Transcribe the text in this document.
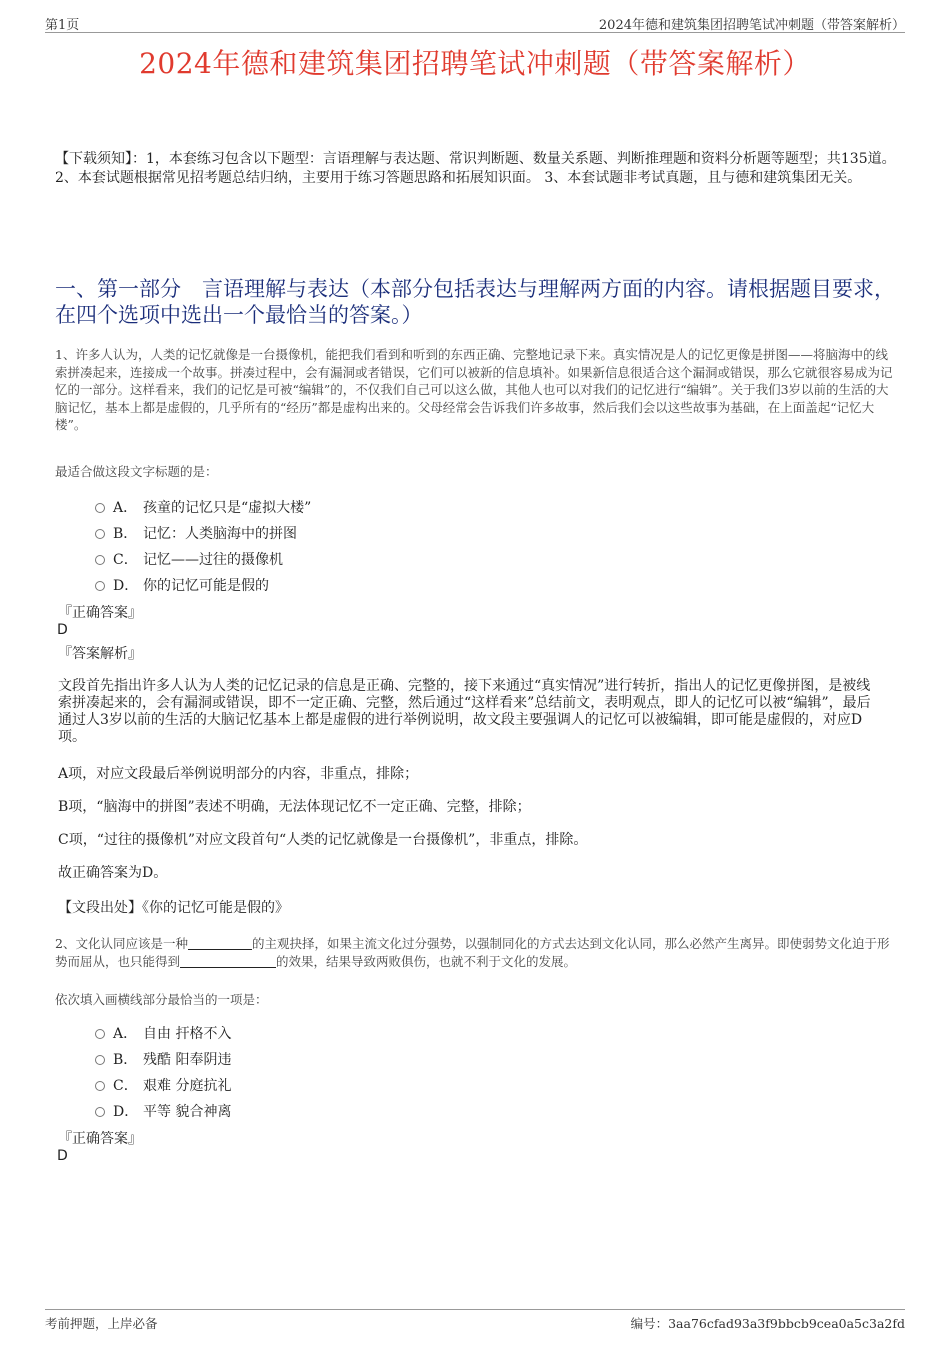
第1页	2024年德和建筑集团招聘笔试冲刺题（带答案解析）
2024年德和建筑集团招聘笔试冲刺题（带答案解析）
【下载须知】：1，本套练习包含以下题型：言语理解与表达题、常识判断题、数量关系题、判断推理题和资料分析题等题型；共135道。 2、本套试题根据常见招考题总结归纳，主要用于练习答题思路和拓展知识面。 3、本套试题非考试真题，且与德和建筑集团无关。
一、第一部分　言语理解与表达（本部分包括表达与理解两方面的内容。请根据题目要求，在四个选项中选出一个最恰当的答案。）
1、许多人认为，人类的记忆就像是一台摄像机，能把我们看到和听到的东西正确、完整地记录下来。真实情况是人的记忆更像是拼图——将脑海中的线索拼凑起来，连接成一个故事。拼凑过程中，会有漏洞或者错误，它们可以被新的信息填补。如果新信息很适合这个漏洞或错误，那么它就很容易成为记忆的一部分。这样看来，我们的记忆是可被“编辑”的，不仅我们自己可以这么做，其他人也可以对我们的记忆进行“编辑”。关于我们3岁以前的生活的大脑记忆，基本上都是虚假的，几乎所有的“经历”都是虚构出来的。父母经常会告诉我们许多故事，然后我们会以这些故事为基础，在上面盖起“记忆大楼”。
最适合做这段文字标题的是：
A． 孩童的记忆只是“虚拟大楼”
B． 记忆：人类脑海中的拼图
C． 记忆——过往的摄像机
D． 你的记忆可能是假的
『正确答案』
D
『答案解析』
文段首先指出许多人认为人类的记忆记录的信息是正确、完整的，接下来通过“真实情况”进行转折，指出人的记忆更像拼图，是被线索拼凑起来的，会有漏洞或错误，即不一定正确、完整，然后通过“这样看来”总结前文，表明观点，即人的记忆可以被“编辑”，最后通过人3岁以前的生活的大脑记忆基本上都是虚假的进行举例说明，故文段主要强调人的记忆可以被编辑，即可能是虚假的，对应D项。
A项，对应文段最后举例说明部分的内容，非重点，排除；
B项，“脑海中的拼图”表述不明确，无法体现记忆不一定正确、完整，排除；
C项，“过往的摄像机”对应文段首句“人类的记忆就像是一台摄像机”，非重点，排除。
故正确答案为D。
【文段出处】《你的记忆可能是假的》
2、文化认同应该是一种	的主观抉择，如果主流文化过分强势，以强制同化的方式去达到文化认同，那么必然产生离异。即使弱势文化迫于形势而屈从，也只能得到	的效果，结果导致两败俱伤，也就不利于文化的发展。
依次填入画横线部分最恰当的一项是：
A． 自由 扞格不入
B． 残酷 阳奉阴违
C． 艰难 分庭抗礼
D． 平等 貌合神离
『正确答案』
D
考前押题，上岸必备	编号：3aa76cfad93a3f9bbcb9cea0a5c3a2fd
